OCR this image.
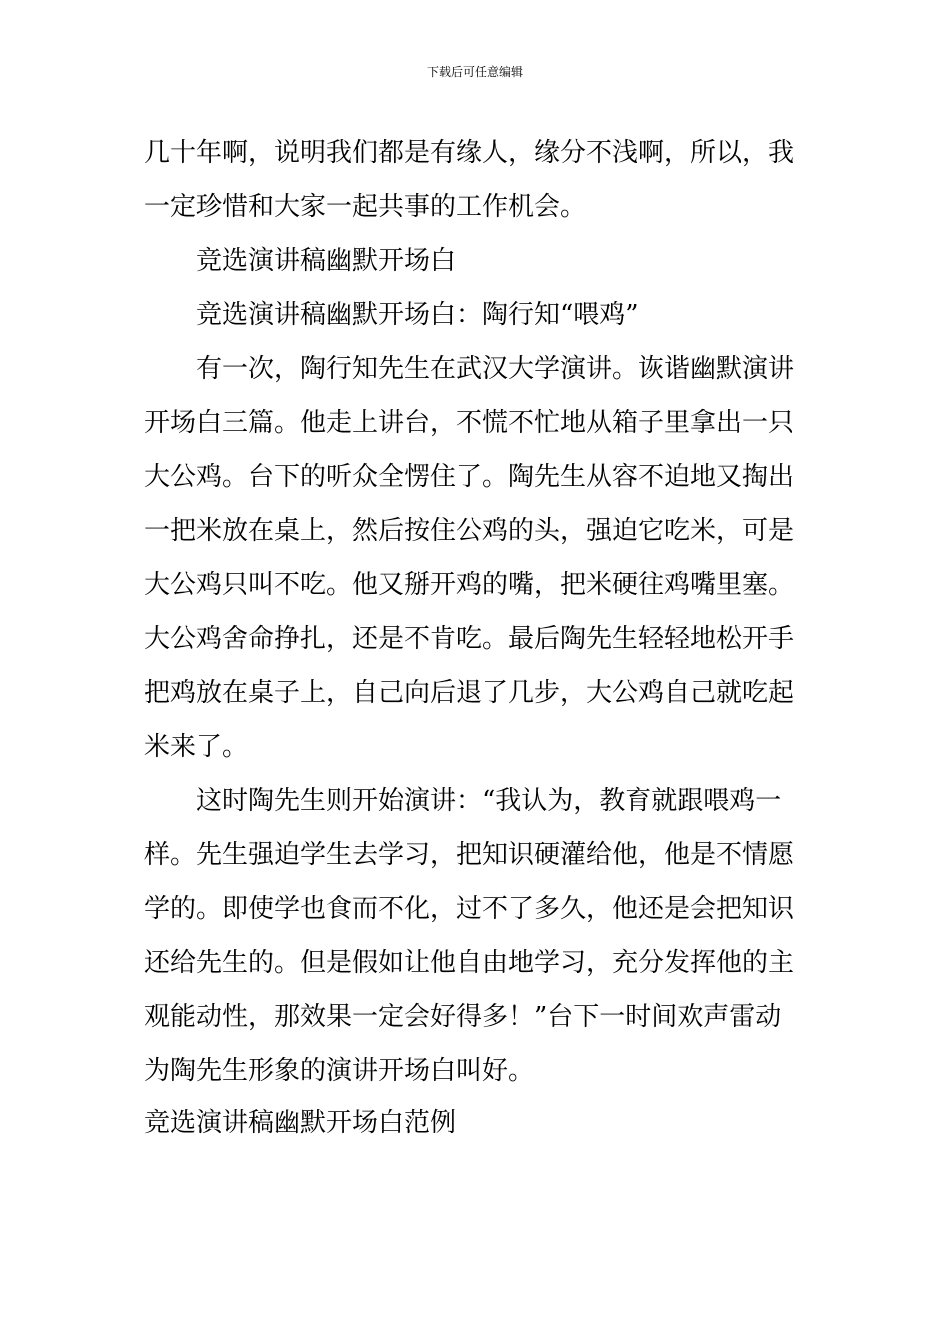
下载后可任意编辑
几十年啊，说明我们都是有缘人，缘分不浅啊，所以，我
一定珍惜和大家一起共事的工作机会。
竞选演讲稿幽默开场白
竞选演讲稿幽默开场白：陶行知“喂鸡”
有一次，陶行知先生在武汉大学演讲。诙谐幽默演讲
开场白三篇。他走上讲台，不慌不忙地从箱子里拿出一只
大公鸡。台下的听众全愣住了。陶先生从容不迫地又掏出
一把米放在桌上，然后按住公鸡的头，强迫它吃米，可是
大公鸡只叫不吃。他又掰开鸡的嘴，把米硬往鸡嘴里塞。
大公鸡舍命挣扎，还是不肯吃。最后陶先生轻轻地松开手
把鸡放在桌子上，自己向后退了几步，大公鸡自己就吃起
米来了。
这时陶先生则开始演讲：“我认为，教育就跟喂鸡一
样。先生强迫学生去学习，把知识硬灌给他，他是不情愿
学的。即使学也食而不化，过不了多久，他还是会把知识
还给先生的。但是假如让他自由地学习，充分发挥他的主
观能动性，那效果一定会好得多！”台下一时间欢声雷动
为陶先生形象的演讲开场白叫好。
竞选演讲稿幽默开场白范例
